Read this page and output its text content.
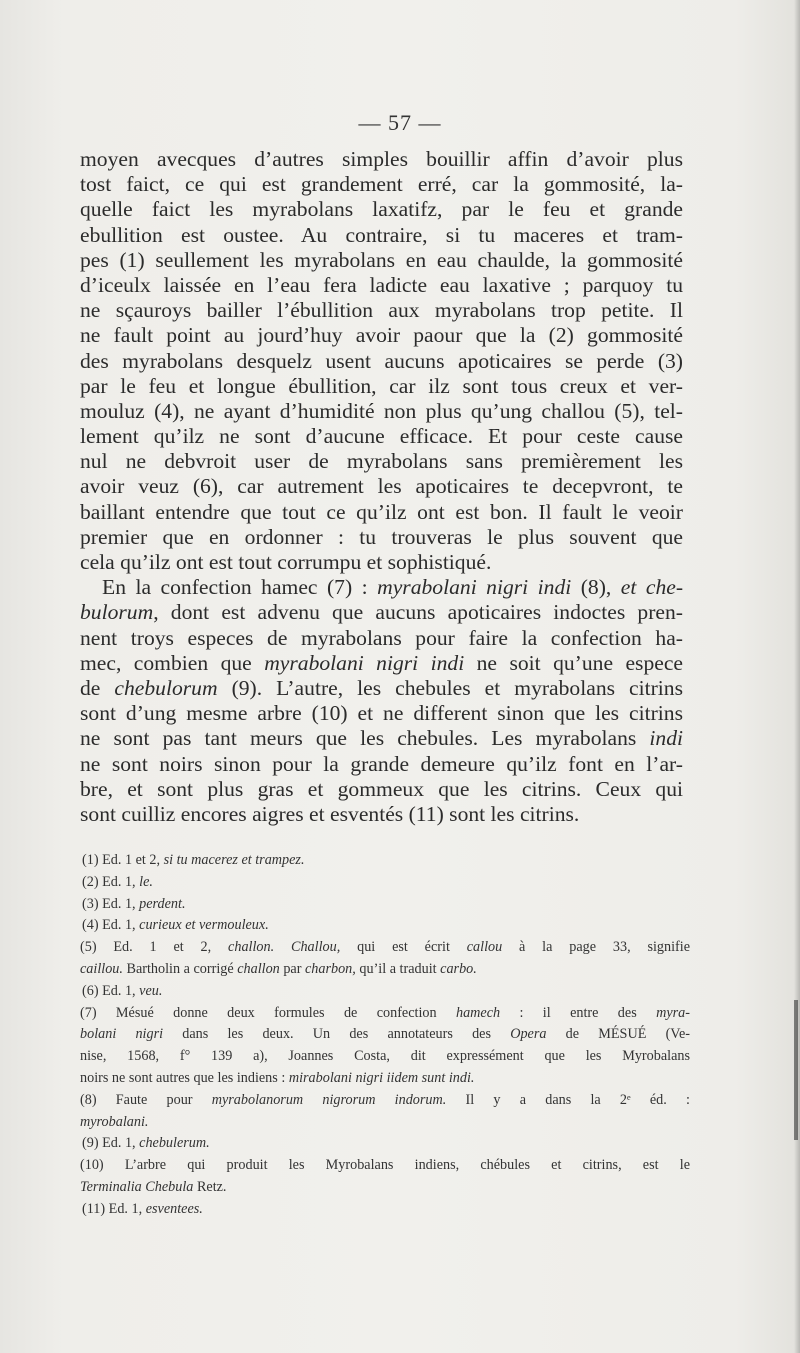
— 57 —
moyen avecques d’autres simples bouillir affin d’avoir plus
tost faict, ce qui est grandement erré, car la gommosité, la-
quelle faict les myrabolans laxatifz, par le feu et grande
ebullition est oustee. Au contraire, si tu maceres et tram-
pes (1) seullement les myrabolans en eau chaulde, la gommosité
d’iceulx laissée en l’eau fera ladicte eau laxative ; parquoy tu
ne sçauroys bailler l’ébullition aux myrabolans trop petite. Il
ne fault point au jourd’huy avoir paour que la (2) gommosité
des myrabolans desquelz usent aucuns apoticaires se perde (3)
par le feu et longue ébullition, car ilz sont tous creux et ver-
mouluz (4), ne ayant d’humidité non plus qu’ung challou (5), tel-
lement qu’ilz ne sont d’aucune efficace. Et pour ceste cause
nul ne debvroit user de myrabolans sans premièrement les
avoir veuz (6), car autrement les apoticaires te decepvront, te
baillant entendre que tout ce qu’ilz ont est bon. Il fault le veoir
premier que en ordonner : tu trouveras le plus souvent que
cela qu’ilz ont est tout corrumpu et sophistiqué.
En la confection hamec (7) : myrabolani nigri indi (8), et che-
bulorum, dont est advenu que aucuns apoticaires indoctes pren-
nent troys especes de myrabolans pour faire la confection ha-
mec, combien que myrabolani nigri indi ne soit qu’une espece
de chebulorum (9). L’autre, les chebules et myrabolans citrins
sont d’ung mesme arbre (10) et ne different sinon que les citrins
ne sont pas tant meurs que les chebules. Les myrabolans indi
ne sont noirs sinon pour la grande demeure qu’ilz font en l’ar-
bre, et sont plus gras et gommeux que les citrins. Ceux qui
sont cuilliz encores aigres et esventés (11) sont les citrins.
(1) Ed. 1 et 2, si tu macerez et trampez.
(2) Ed. 1, le.
(3) Ed. 1, perdent.
(4) Ed. 1, curieux et vermouleux.
(5) Ed. 1 et 2, challon. Challou, qui est écrit callou à la page 33, signifie
caillou. Bartholin a corrigé challon par charbon, qu’il a traduit carbo.
(6) Ed. 1, veu.
(7) Mésué donne deux formules de confection hamech : il entre des myra-
bolani nigri dans les deux. Un des annotateurs des Opera de MÉSUÉ (Ve-
nise, 1568, f° 139 a), Joannes Costa, dit expressément que les Myrobalans
noirs ne sont autres que les indiens : mirabolani nigri iidem sunt indi.
(8) Faute pour myrabolanorum nigrorum indorum. Il y a dans la 2ᵉ éd. :
myrobalani.
(9) Ed. 1, chebulerum.
(10) L’arbre qui produit les Myrobalans indiens, chébules et citrins, est le
Terminalia Chebula Retz.
(11) Ed. 1, esventees.
